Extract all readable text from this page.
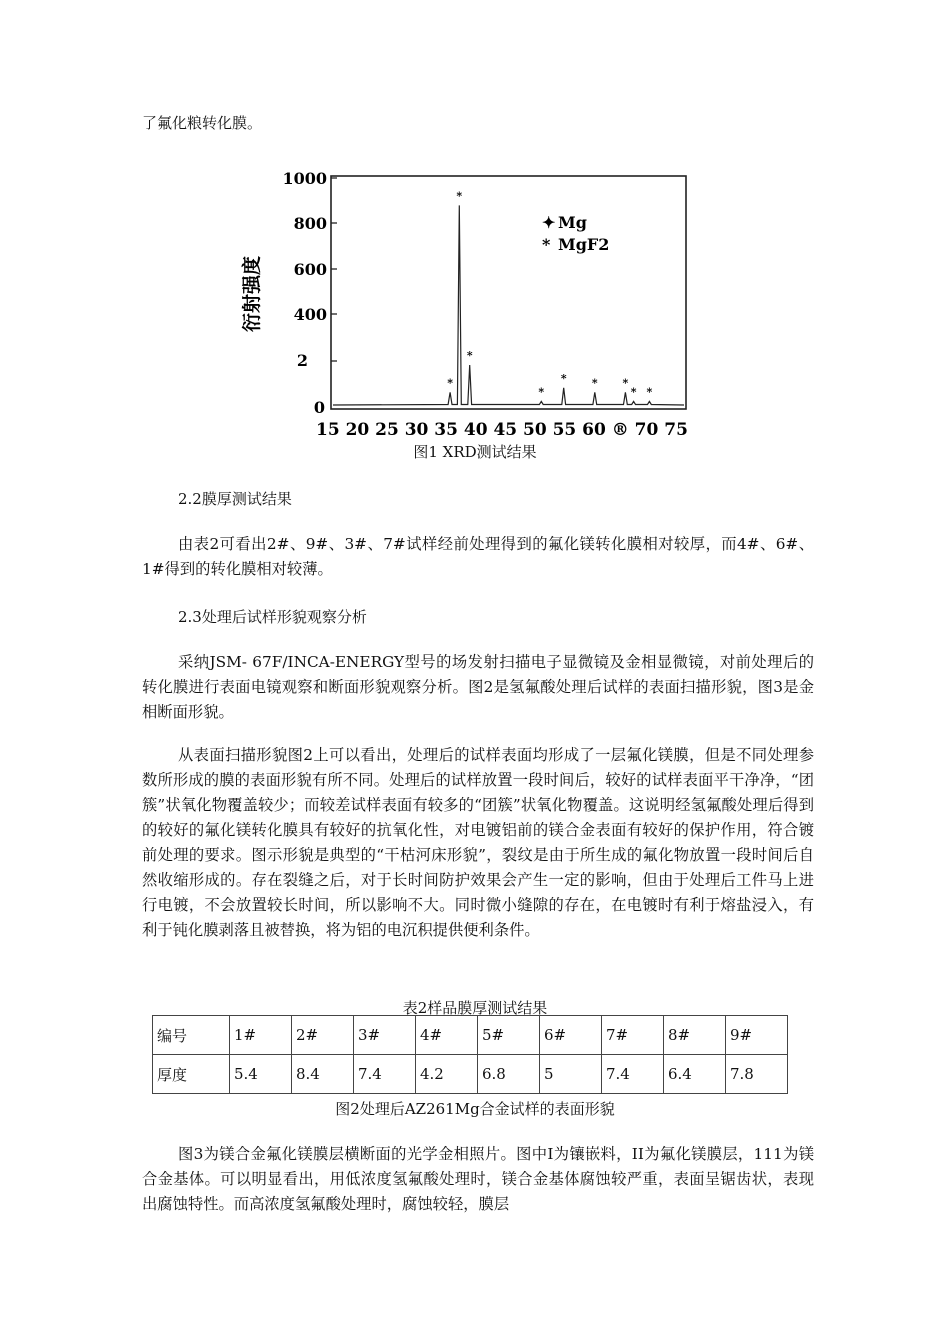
了氟化粮转化膜。
1000
800
600
400
2
0
衍射强度
15 20 25 30 35 40 45 50 55 60 ® 70 75
*
*
*
*
* * *
* *
✦ Mg
* MgF2
图1 XRD测试结果
2.2膜厚测试结果
由表2可看出2#、9#、3#、7#试样经前处理得到的氟化镁转化膜相对较厚，而4#、6#、1#得到的转化膜相对较薄。
2.3处理后试样形貌观察分析
采纳JSM- 67F/INCA-ENERGY型号的场发射扫描电子显微镜及金相显微镜，对前处理后的转化膜进行表面电镜观察和断面形貌观察分析。图2是氢氟酸处理后试样的表面扫描形貌，图3是金相断面形貌。
从表面扫描形貌图2上可以看出，处理后的试样表面均形成了一层氟化镁膜，但是不同处理参数所形成的膜的表面形貌有所不同。处理后的试样放置一段时间后，较好的试样表面平干净净，“团簇”状氧化物覆盖较少；而较差试样表面有较多的“团簇”状氧化物覆盖。这说明经氢氟酸处理后得到的较好的氟化镁转化膜具有较好的抗氧化性，对电镀铝前的镁合金表面有较好的保护作用，符合镀前处理的要求。图示形貌是典型的“干枯河床形貌”，裂纹是由于所生成的氟化物放置一段时间后自然收缩形成的。存在裂缝之后，对于长时间防护效果会产生一定的影响，但由于处理后工件马上进行电镀，不会放置较长时间，所以影响不大。同时微小缝隙的存在，在电镀时有利于熔盐浸入，有利于钝化膜剥落且被替换，将为铝的电沉积提供便利条件。
表2样品膜厚测试结果
编号	1#	2#	3#	4#	5#	6#	7#	8#	9#
厚度	5.4	8.4	7.4	4.2	6.8	5	7.4	6.4	7.8
图2处理后AZ261Mg合金试样的表面形貌
图3为镁合金氟化镁膜层横断面的光学金相照片。图中I为镶嵌料，II为氟化镁膜层，111为镁合金基体。可以明显看出，用低浓度氢氟酸处理时，镁合金基体腐蚀较严重，表面呈锯齿状，表现出腐蚀特性。而高浓度氢氟酸处理时，腐蚀较轻，膜层
